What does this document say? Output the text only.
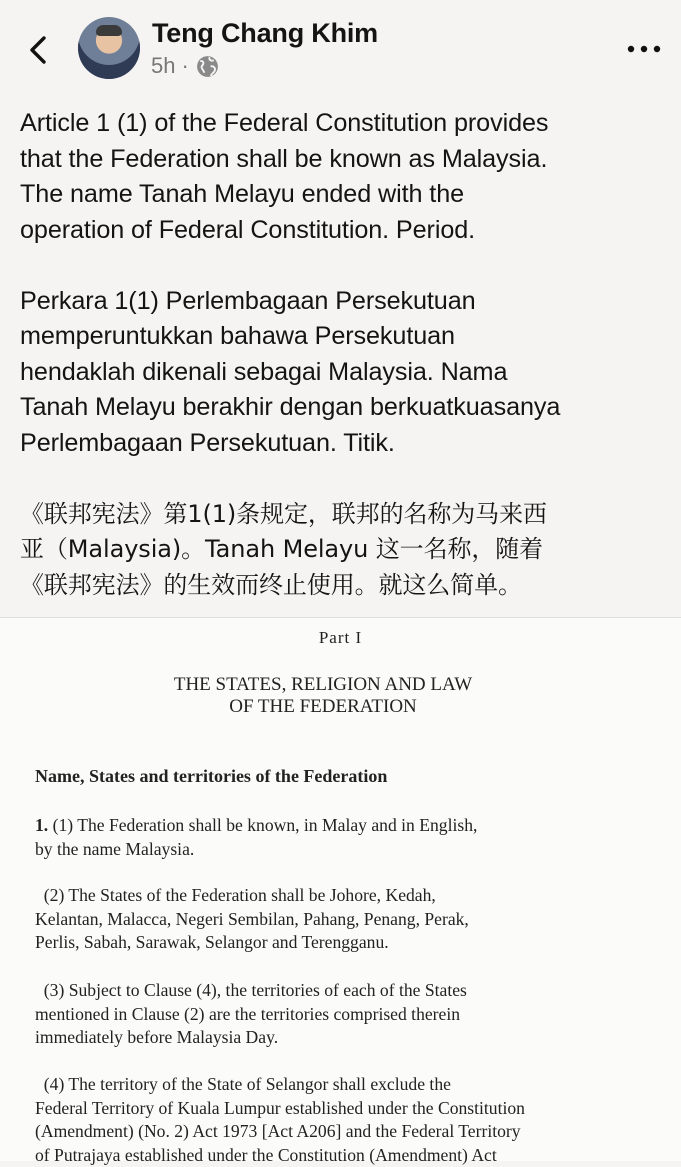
Teng Chang Khim
5h ·

Article 1 (1) of the Federal Constitution provides
that the Federation shall be known as Malaysia.
The name Tanah Melayu ended with the
operation of Federal Constitution. Period.

Perkara 1(1) Perlembagaan Persekutuan
memperuntukkan bahawa Persekutuan
hendaklah dikenali sebagai Malaysia. Nama
Tanah Melayu berakhir dengan berkuatkuasanya
Perlembagaan Persekutuan. Titik.

《联邦宪法》第1(1)条规定，联邦的名称为马来西
亚（Malaysia)。Tanah Melayu 这一名称，随着
《联邦宪法》的生效而终止使用。就这么简单。

Part I
THE STATES, RELIGION AND LAW
OF THE FEDERATION
Name, States and territories of the Federation
1. (1) The Federation shall be known, in Malay and in English,
by the name Malaysia.
(2) The States of the Federation shall be Johore, Kedah,
Kelantan, Malacca, Negeri Sembilan, Pahang, Penang, Perak,
Perlis, Sabah, Sarawak, Selangor and Terengganu.
(3) Subject to Clause (4), the territories of each of the States
mentioned in Clause (2) are the territories comprised therein
immediately before Malaysia Day.
(4) The territory of the State of Selangor shall exclude the
Federal Territory of Kuala Lumpur established under the Constitution
(Amendment) (No. 2) Act 1973 [Act A206] and the Federal Territory
of Putrajaya established under the Constitution (Amendment) Act
